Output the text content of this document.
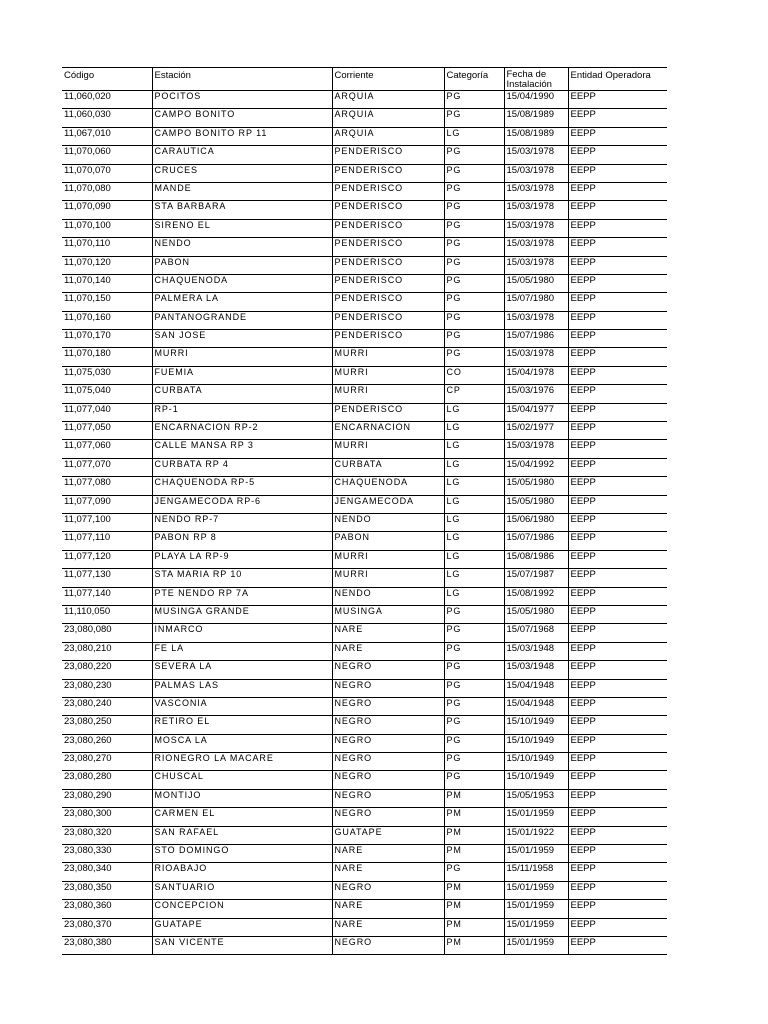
Código	Estación	Corriente	Categoría	Fecha de Instalación	Entidad Operadora
11,060,020	POCITOS	ARQUIA	PG	15/04/1990	EEPP
11,060,030	CAMPO BONITO	ARQUIA	PG	15/08/1989	EEPP
11,067,010	CAMPO BONITO RP 11	ARQUIA	LG	15/08/1989	EEPP
11,070,060	CARAUTICA	PENDERISCO	PG	15/03/1978	EEPP
11,070,070	CRUCES	PENDERISCO	PG	15/03/1978	EEPP
11,070,080	MANDE	PENDERISCO	PG	15/03/1978	EEPP
11,070,090	STA BARBARA	PENDERISCO	PG	15/03/1978	EEPP
11,070,100	SIRENO EL	PENDERISCO	PG	15/03/1978	EEPP
11,070,110	NENDO	PENDERISCO	PG	15/03/1978	EEPP
11,070,120	PABON	PENDERISCO	PG	15/03/1978	EEPP
11,070,140	CHAQUENODA	PENDERISCO	PG	15/05/1980	EEPP
11,070,150	PALMERA LA	PENDERISCO	PG	15/07/1980	EEPP
11,070,160	PANTANOGRANDE	PENDERISCO	PG	15/03/1978	EEPP
11,070,170	SAN JOSE	PENDERISCO	PG	15/07/1986	EEPP
11,070,180	MURRI	MURRI	PG	15/03/1978	EEPP
11,075,030	FUEMIA	MURRI	CO	15/04/1978	EEPP
11,075,040	CURBATA	MURRI	CP	15/03/1976	EEPP
11,077,040	RP-1	PENDERISCO	LG	15/04/1977	EEPP
11,077,050	ENCARNACION RP-2	ENCARNACION	LG	15/02/1977	EEPP
11,077,060	CALLE MANSA RP 3	MURRI	LG	15/03/1978	EEPP
11,077,070	CURBATA RP 4	CURBATA	LG	15/04/1992	EEPP
11,077,080	CHAQUENODA RP-5	CHAQUENODA	LG	15/05/1980	EEPP
11,077,090	JENGAMECODA RP-6	JENGAMECODA	LG	15/05/1980	EEPP
11,077,100	NENDO RP-7	NENDO	LG	15/06/1980	EEPP
11,077,110	PABON RP 8	PABON	LG	15/07/1986	EEPP
11,077,120	PLAYA LA RP-9	MURRI	LG	15/08/1986	EEPP
11,077,130	STA MARIA RP 10	MURRI	LG	15/07/1987	EEPP
11,077,140	PTE NENDO RP 7A	NENDO	LG	15/08/1992	EEPP
11,110,050	MUSINGA GRANDE	MUSINGA	PG	15/05/1980	EEPP
23,080,080	INMARCO	NARE	PG	15/07/1968	EEPP
23,080,210	FE LA	NARE	PG	15/03/1948	EEPP
23,080,220	SEVERA LA	NEGRO	PG	15/03/1948	EEPP
23,080,230	PALMAS LAS	NEGRO	PG	15/04/1948	EEPP
23,080,240	VASCONIA	NEGRO	PG	15/04/1948	EEPP
23,080,250	RETIRO EL	NEGRO	PG	15/10/1949	EEPP
23,080,260	MOSCA LA	NEGRO	PG	15/10/1949	EEPP
23,080,270	RIONEGRO LA MACARE	NEGRO	PG	15/10/1949	EEPP
23,080,280	CHUSCAL	NEGRO	PG	15/10/1949	EEPP
23,080,290	MONTIJO	NEGRO	PM	15/05/1953	EEPP
23,080,300	CARMEN EL	NEGRO	PM	15/01/1959	EEPP
23,080,320	SAN RAFAEL	GUATAPE	PM	15/01/1922	EEPP
23,080,330	STO DOMINGO	NARE	PM	15/01/1959	EEPP
23,080,340	RIOABAJO	NARE	PG	15/11/1958	EEPP
23,080,350	SANTUARIO	NEGRO	PM	15/01/1959	EEPP
23,080,360	CONCEPCION	NARE	PM	15/01/1959	EEPP
23,080,370	GUATAPE	NARE	PM	15/01/1959	EEPP
23,080,380	SAN VICENTE	NEGRO	PM	15/01/1959	EEPP
